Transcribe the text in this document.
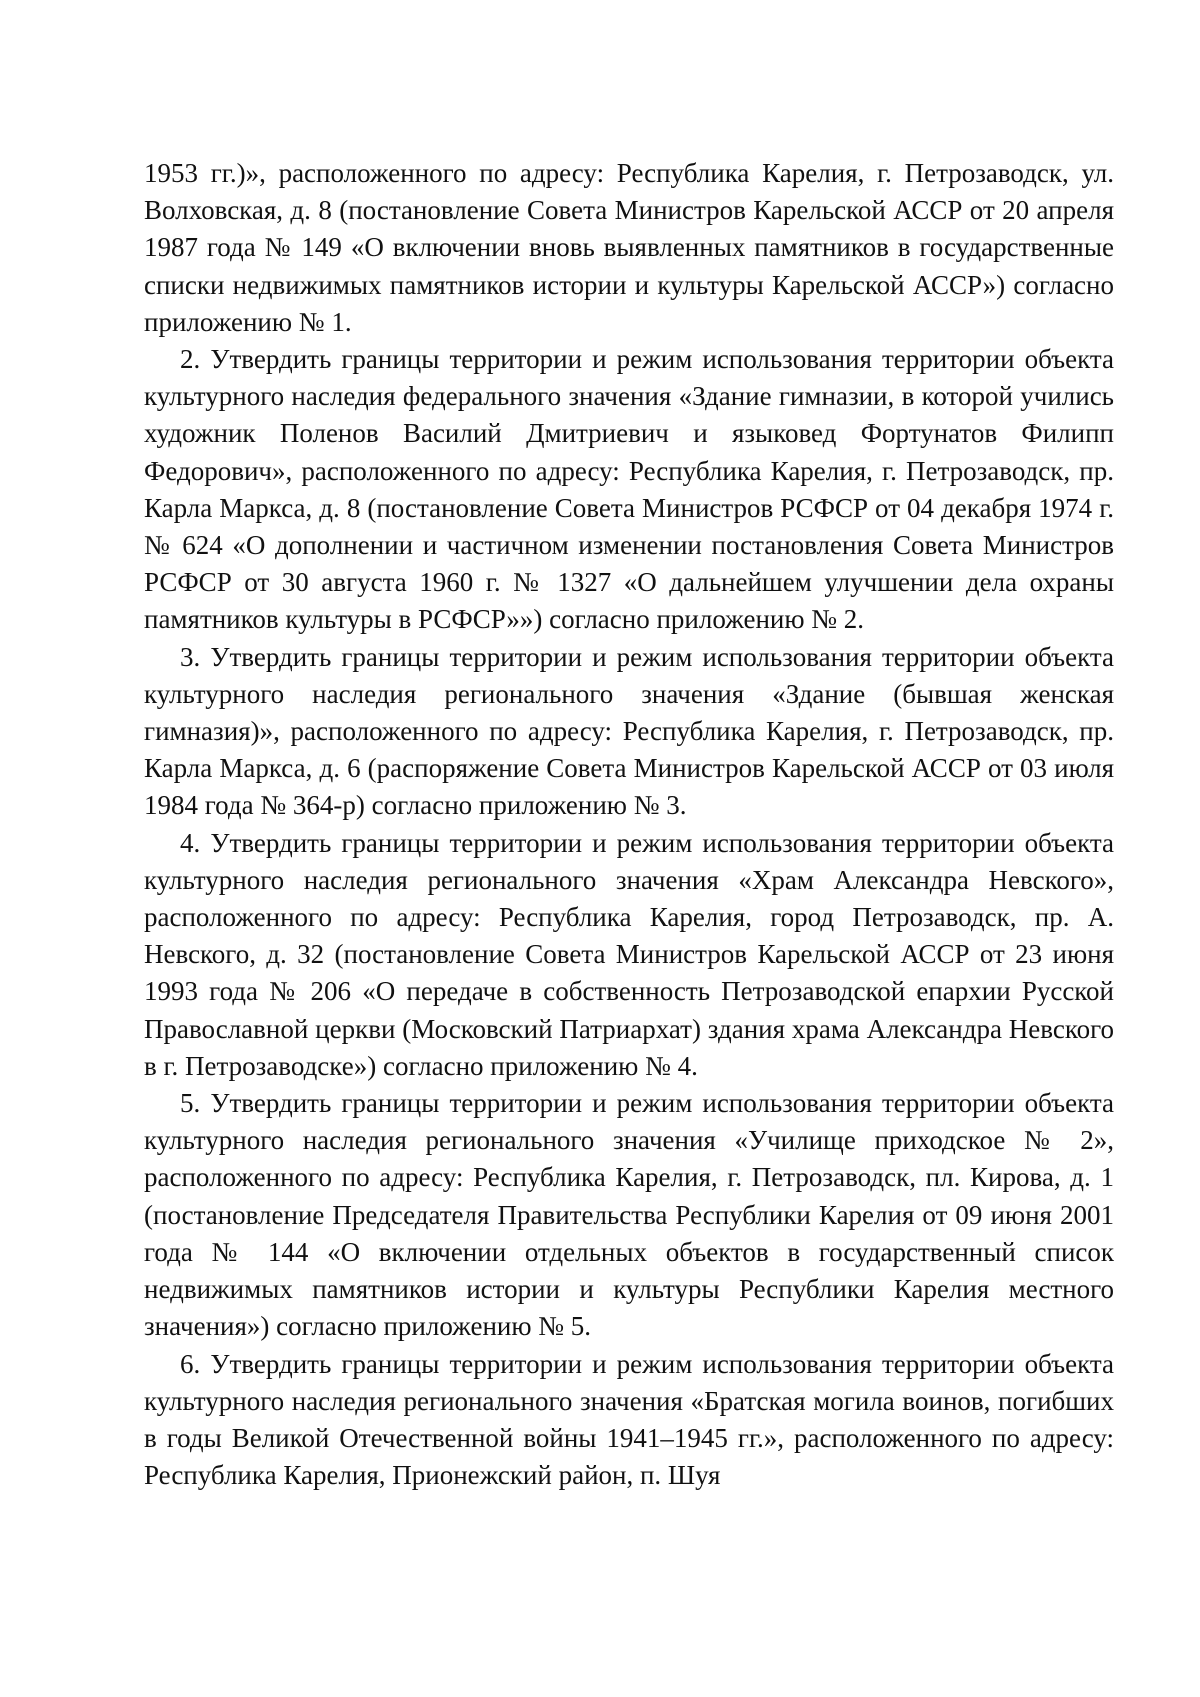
1953 гг.)», расположенного по адресу: Республика Карелия, г. Петрозаводск, ул. Волховская, д. 8 (постановление Совета Министров Карельской АССР от 20 апреля 1987 года № 149 «О включении вновь выявленных памятников в государственные списки недвижимых памятников истории и культуры Карельской АССР») согласно приложению № 1.

2. Утвердить границы территории и режим использования территории объекта культурного наследия федерального значения «Здание гимназии, в которой учились художник Поленов Василий Дмитриевич и языковед Фортунатов Филипп Федорович», расположенного по адресу: Республика Карелия, г. Петрозаводск, пр. Карла Маркса, д. 8 (постановление Совета Министров РСФСР от 04 декабря 1974 г. № 624 «О дополнении и частичном изменении постановления Совета Министров РСФСР от 30 августа 1960 г. № 1327 «О дальнейшем улучшении дела охраны памятников культуры в РСФСР»») согласно приложению № 2.

3. Утвердить границы территории и режим использования территории объекта культурного наследия регионального значения «Здание (бывшая женская гимназия)», расположенного по адресу: Республика Карелия, г. Петрозаводск, пр. Карла Маркса, д. 6 (распоряжение Совета Министров Карельской АССР от 03 июля 1984 года № 364-р) согласно приложению № 3.

4. Утвердить границы территории и режим использования территории объекта культурного наследия регионального значения «Храм Александра Невского», расположенного по адресу: Республика Карелия, город Петрозаводск, пр. А. Невского, д. 32 (постановление Совета Министров Карельской АССР от 23 июня 1993 года № 206 «О передаче в собственность Петрозаводской епархии Русской Православной церкви (Московский Патриархат) здания храма Александра Невского в г. Петрозаводске») согласно приложению № 4.

5. Утвердить границы территории и режим использования территории объекта культурного наследия регионального значения «Училище приходское № 2», расположенного по адресу: Республика Карелия, г. Петрозаводск, пл. Кирова, д. 1 (постановление Председателя Правительства Республики Карелия от 09 июня 2001 года № 144 «О включении отдельных объектов в государственный список недвижимых памятников истории и культуры Республики Карелия местного значения») согласно приложению № 5.

6. Утвердить границы территории и режим использования территории объекта культурного наследия регионального значения «Братская могила воинов, погибших в годы Великой Отечественной войны 1941–1945 гг.», расположенного по адресу: Республика Карелия, Прионежский район, п. Шуя
